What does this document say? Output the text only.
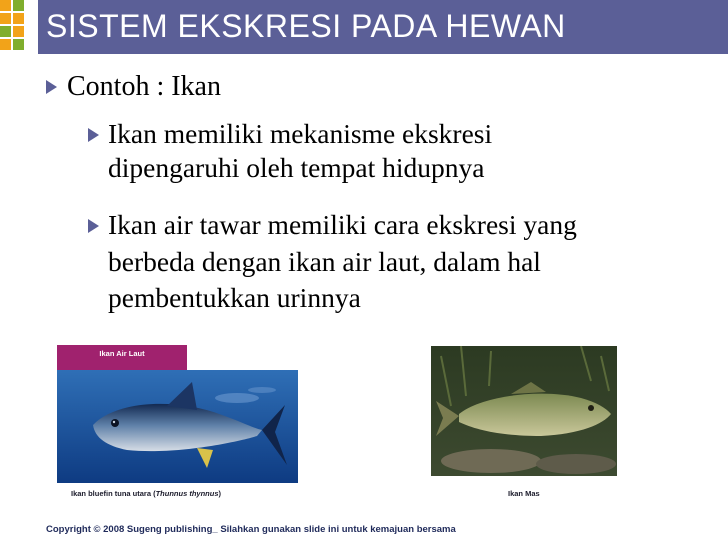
SISTEM EKSKRESI PADA HEWAN
Contoh : Ikan
Ikan memiliki mekanisme ekskresi
dipengaruhi oleh tempat hidupnya
Ikan air tawar memiliki cara ekskresi yang
berbeda dengan ikan air laut, dalam hal
pembentukkan urinnya
Ikan Air Laut
Ikan bluefin tuna utara (Thunnus thynnus)	Ikan Mas
Copyright © 2008 Sugeng publishing_ Silahkan gunakan slide ini untuk kemajuan bersama
